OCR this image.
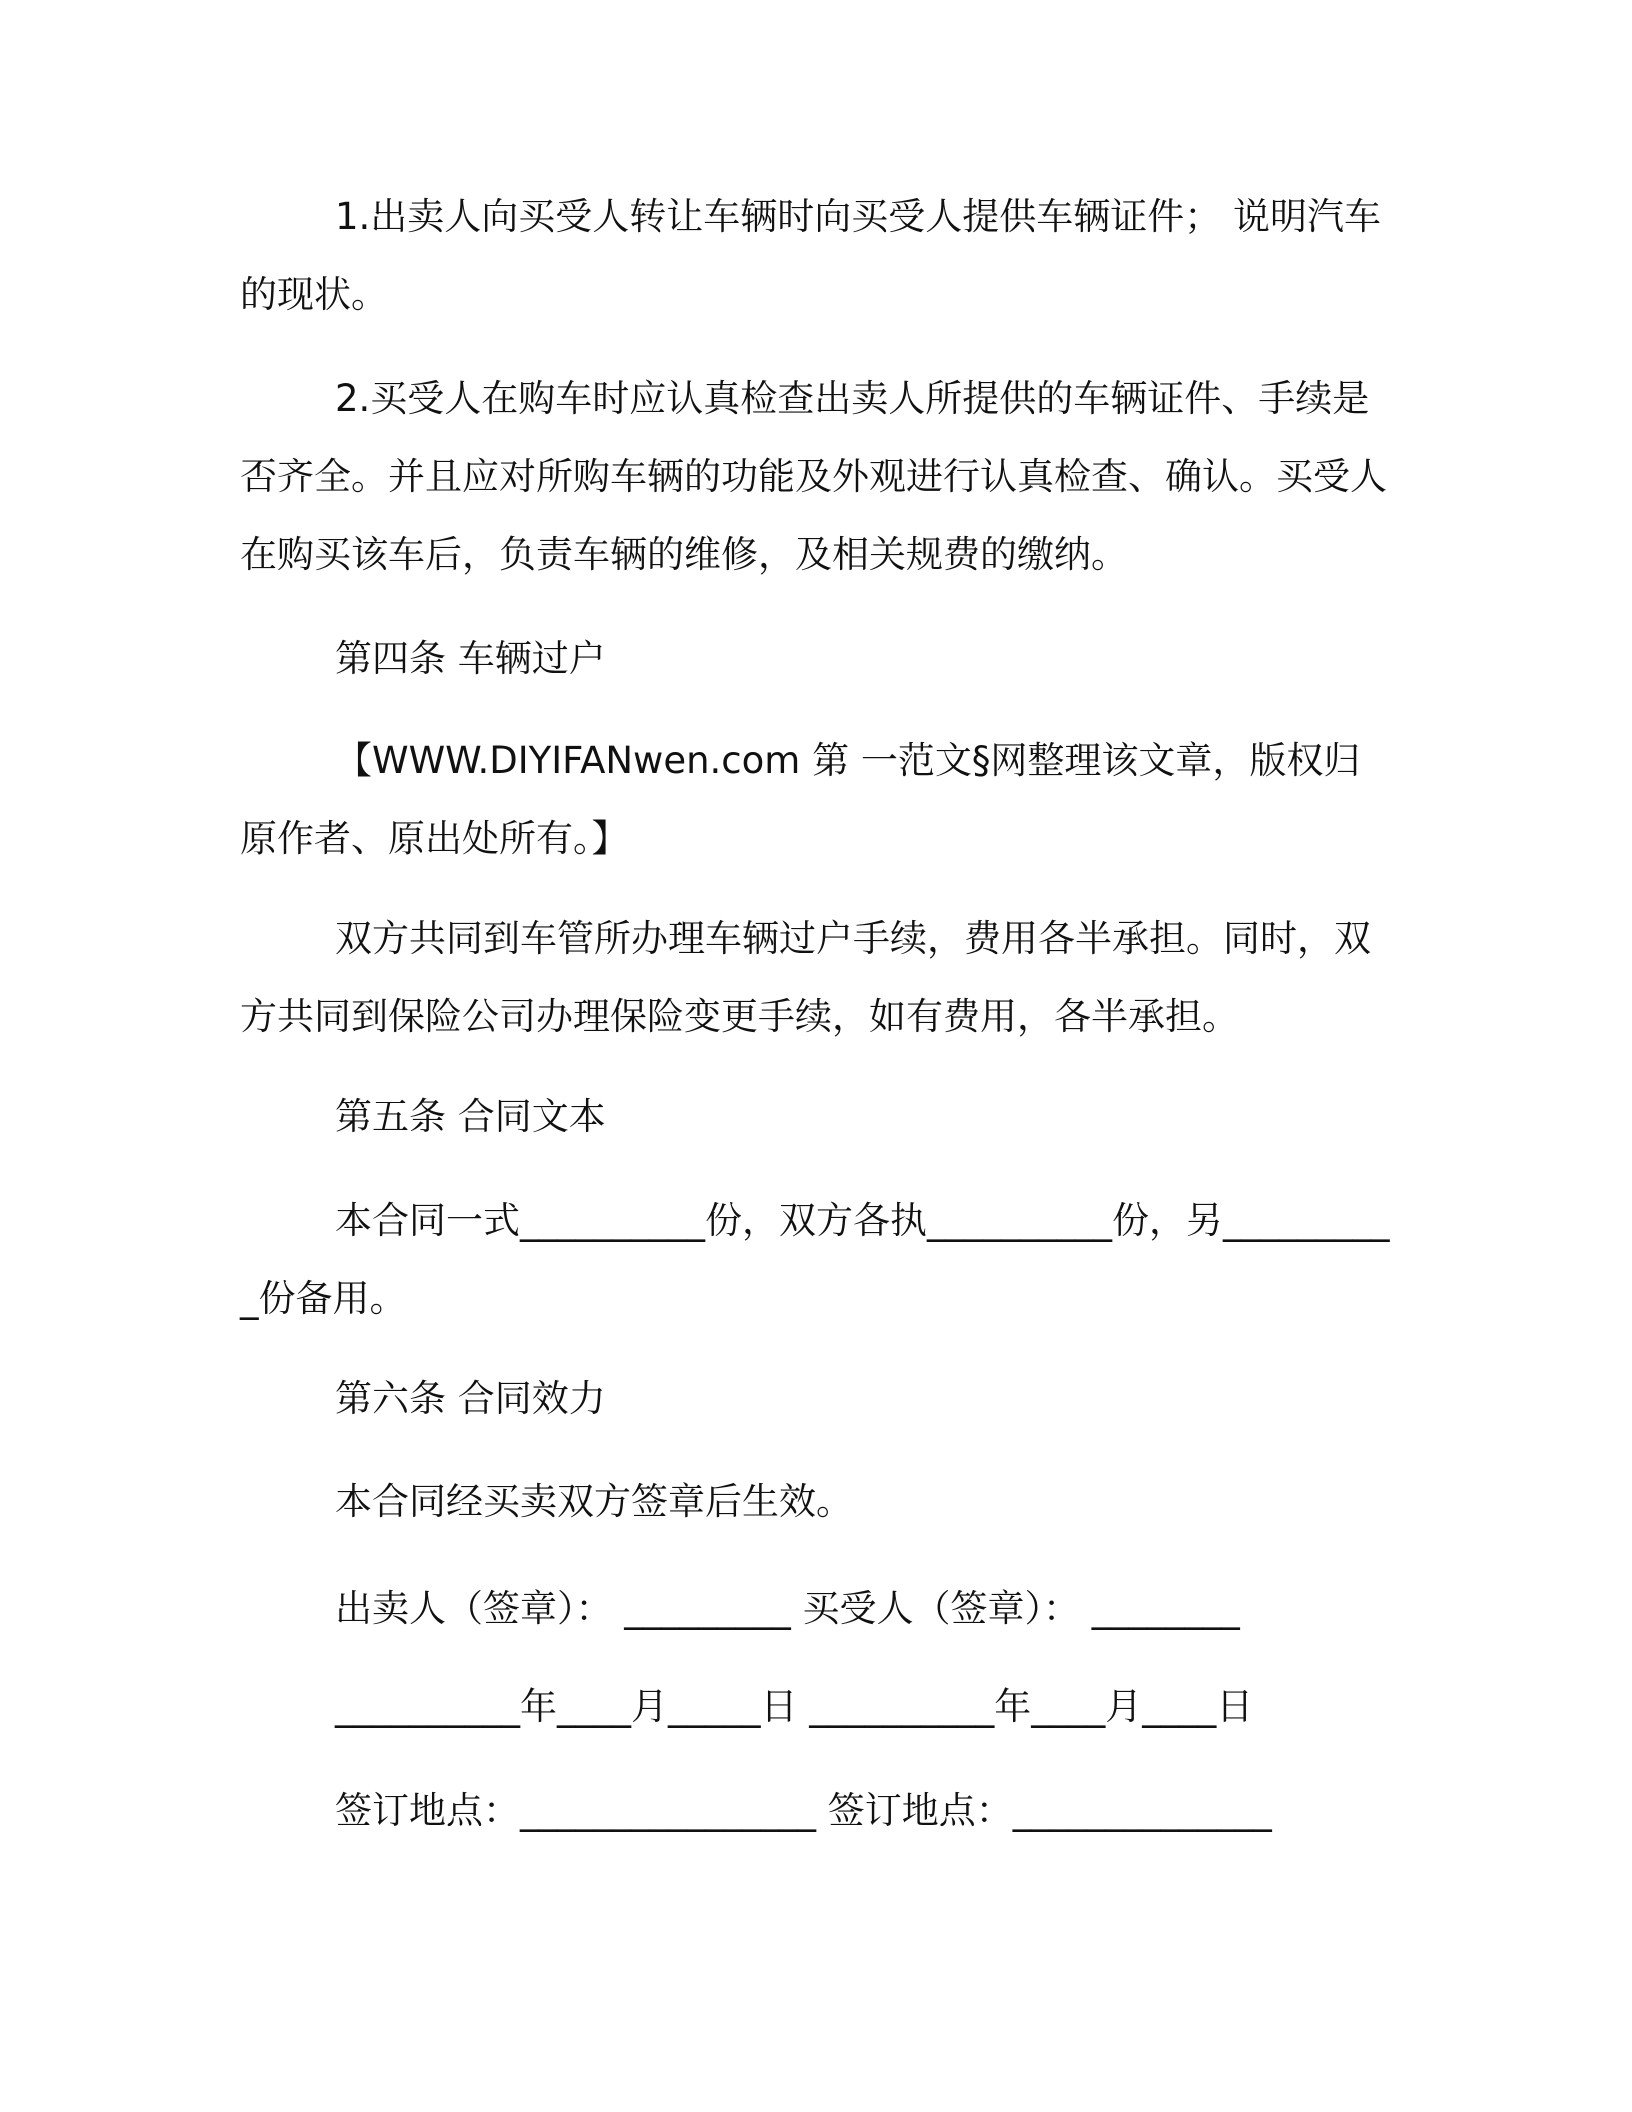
1.出卖人向买受人转让车辆时向买受人提供车辆证件； 说明汽车的现状。

2.买受人在购车时应认真检查出卖人所提供的车辆证件、手续是否齐全。并且应对所购车辆的功能及外观进行认真检查、确认。买受人在购买该车后，负责车辆的维修，及相关规费的缴纳。

第四条 车辆过户

【WWW.DIYIFANwen.com 第 一范文§网整理该文章，版权归原作者、原出处所有。】

双方共同到车管所办理车辆过户手续，费用各半承担。同时，双方共同到保险公司办理保险变更手续，如有费用，各半承担。

第五条 合同文本

本合同一式__________份，双方各执__________份，另__________份备用。

第六条 合同效力

本合同经买卖双方签章后生效。

出卖人（签章）： _________ 买受人（签章）： ________
__________年____月_____日 __________年____月____日
签订地点：________________ 签订地点：______________
